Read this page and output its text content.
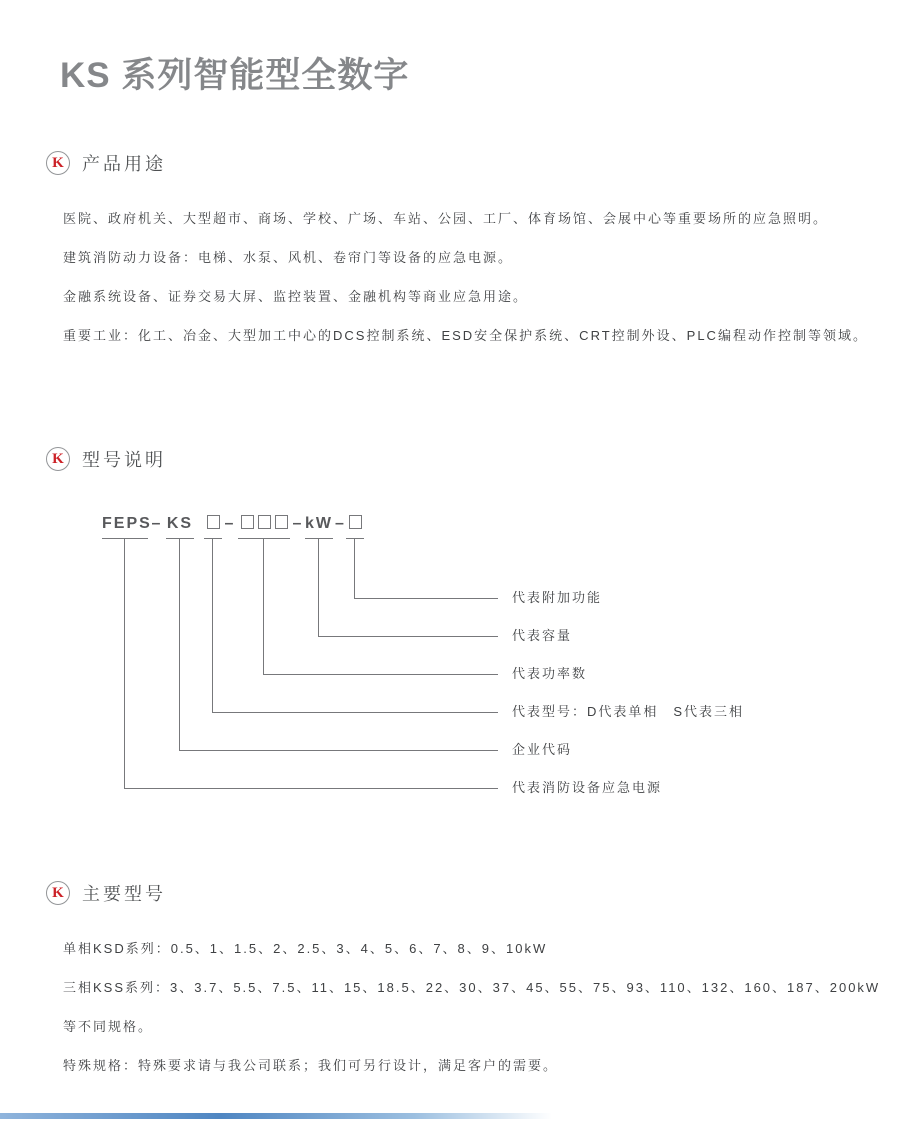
KS 系列智能型全数字
K 产品用途
医院、政府机关、大型超市、商场、学校、广场、车站、公园、工厂、体育场馆、会展中心等重要场所的应急照明。
建筑消防动力设备：电梯、水泵、风机、卷帘门等设备的应急电源。
金融系统设备、证券交易大屏、监控装置、金融机构等商业应急用途。
重要工业：化工、冶金、大型加工中心的DCS控制系统、ESD安全保护系统、CRT控制外设、PLC编程动作控制等领域。
K 型号说明
FEPS – KS –	– kW –
代表附加功能
代表容量
代表功率数
代表型号：D代表单相　S代表三相
企业代码
代表消防设备应急电源
K 主要型号
单相KSD系列：0.5、1、1.5、2、2.5、3、4、5、6、7、8、9、10kW
三相KSS系列：3、3.7、5.5、7.5、11、15、18.5、22、30、37、45、55、75、93、110、132、160、187、200kW
等不同规格。
特殊规格：特殊要求请与我公司联系；我们可另行设计，满足客户的需要。
